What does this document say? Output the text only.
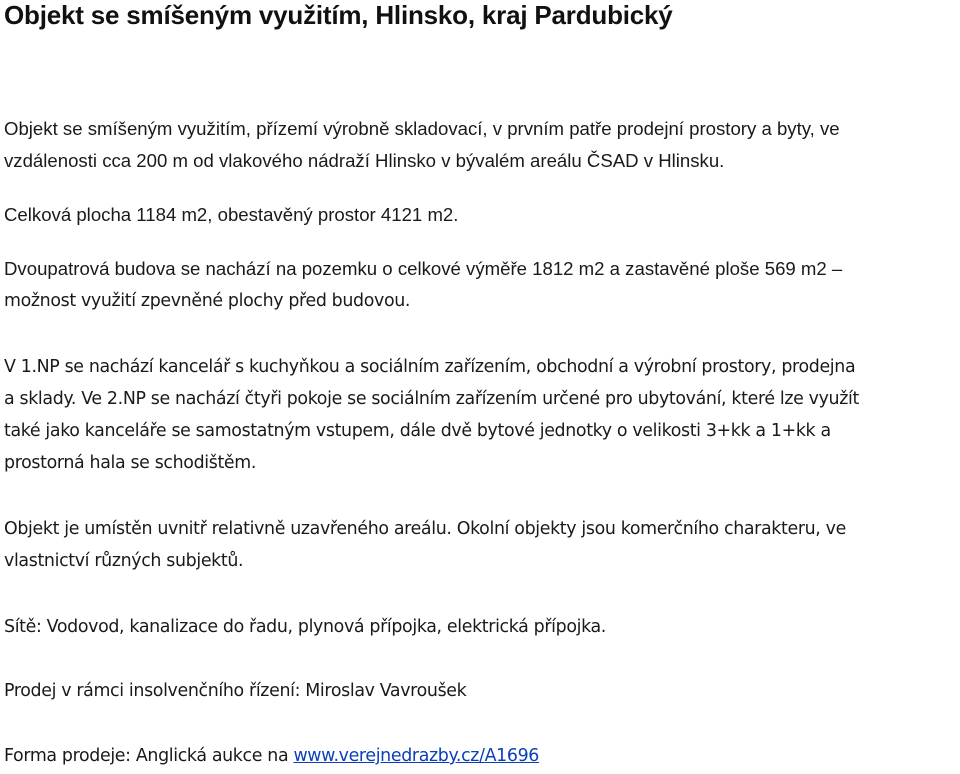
Objekt se smíšeným využitím, Hlinsko, kraj Pardubický

Objekt se smíšeným využitím, přízemí výrobně skladovací, v prvním patře prodejní prostory a byty, ve
vzdálenosti cca 200 m od vlakového nádraží Hlinsko v bývalém areálu ČSAD v Hlinsku.

Celková plocha 1184 m2, obestavěný prostor 4121 m2.

Dvoupatrová budova se nachází na pozemku o celkové výměře 1812 m2 a zastavěné ploše 569 m2 –
možnost využití zpevněné plochy před budovou.

V 1.NP se nachází kancelář s kuchyňkou a sociálním zařízením, obchodní a výrobní prostory, prodejna
a sklady. Ve 2.NP se nachází čtyři pokoje se sociálním zařízením určené pro ubytování, které lze využít
také jako kanceláře se samostatným vstupem, dále dvě bytové jednotky o velikosti 3+kk a 1+kk a
prostorná hala se schodištěm.

Objekt je umístěn uvnitř relativně uzavřeného areálu. Okolní objekty jsou komerčního charakteru, ve
vlastnictví různých subjektů.

Sítě: Vodovod, kanalizace do řadu, plynová přípojka, elektrická přípojka.

Prodej v rámci insolvenčního řízení: Miroslav Vavroušek

Forma prodeje: Anglická aukce na www.verejnedrazby.cz/A1696
